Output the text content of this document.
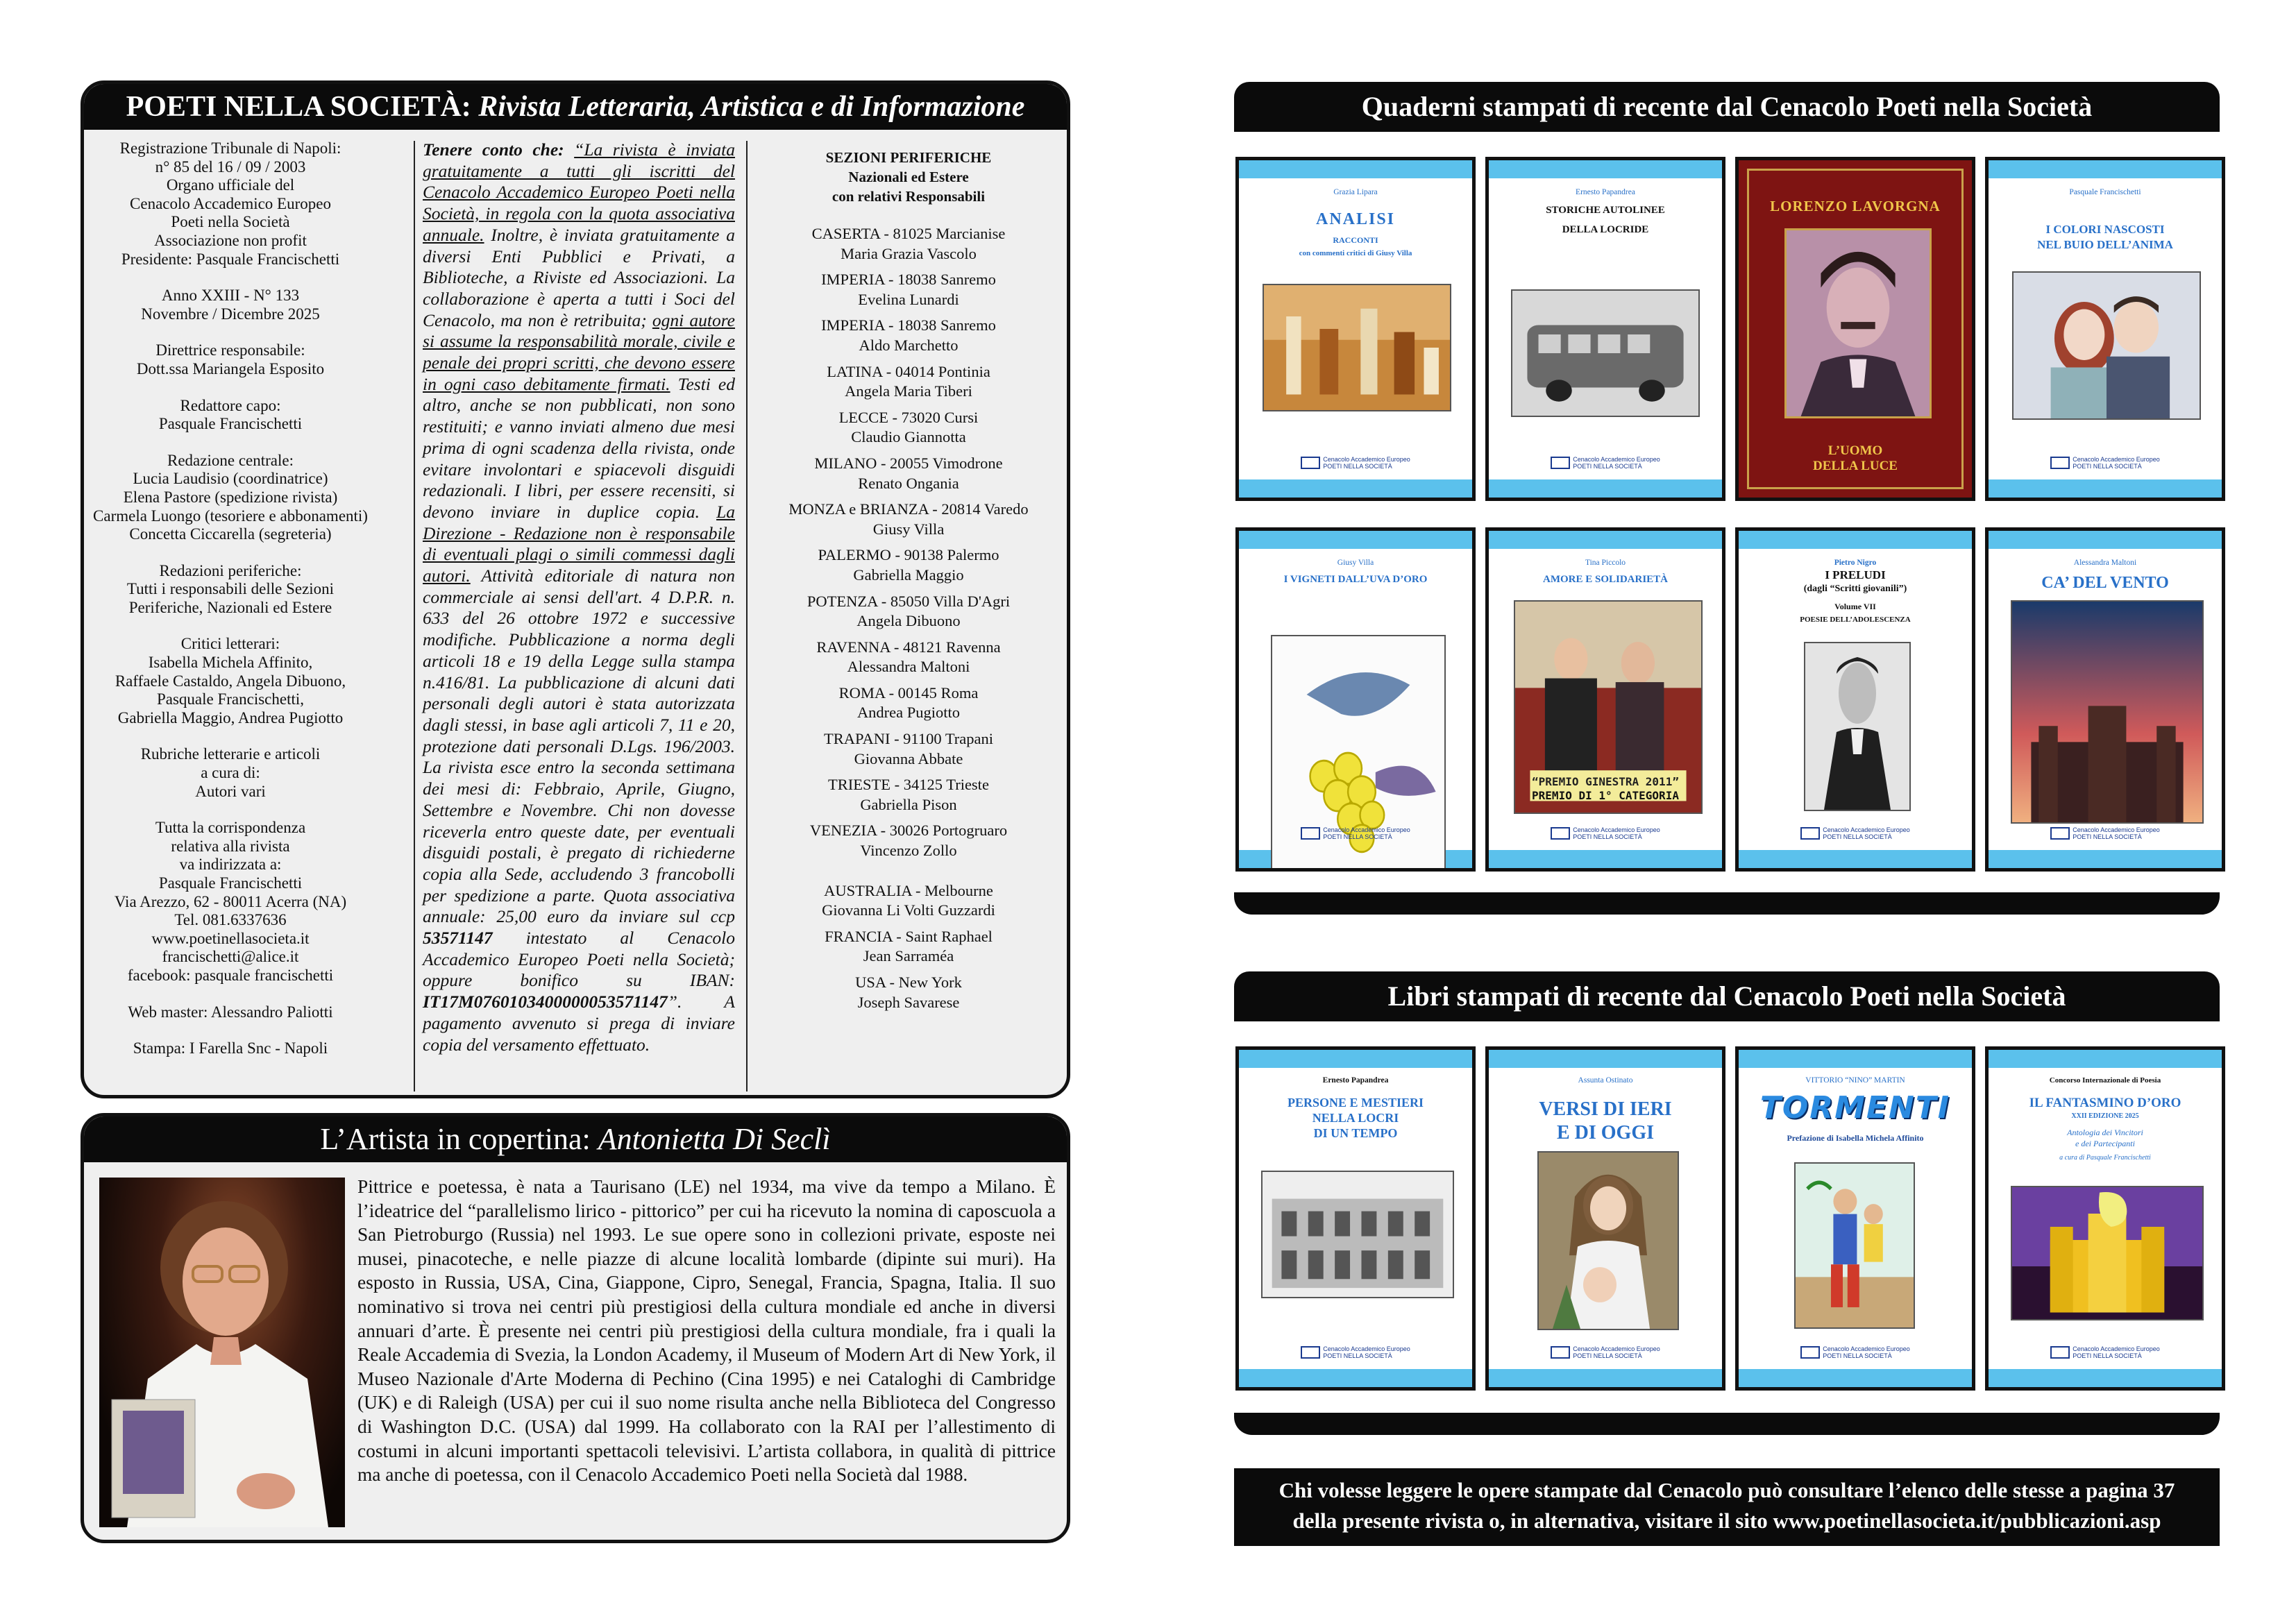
POETI NELLA SOCIETÀ: Rivista Letteraria, Artistica e di Informazione

Registrazione Tribunale di Napoli:
n° 85 del 16 / 09 / 2003
Organo ufficiale del
Cenacolo Accademico Europeo
Poeti nella Società
Associazione non profit
Presidente: Pasquale Francischetti

Anno XXIII - N° 133
Novembre / Dicembre 2025

Direttrice responsabile:
Dott.ssa Mariangela Esposito

Redattore capo:
Pasquale Francischetti

Redazione centrale:
Lucia Laudisio (coordinatrice)
Elena Pastore (spedizione rivista)
Carmela Luongo (tesoriere e abbonamenti)
Concetta Ciccarella (segreteria)

Redazioni periferiche:
Tutti i responsabili delle Sezioni
Periferiche, Nazionali ed Estere

Critici letterari:
Isabella Michela Affinito,
Raffaele Castaldo, Angela Dibuono,
Pasquale Francischetti,
Gabriella Maggio, Andrea Pugiotto

Rubriche letterarie e articoli
a cura di:
Autori vari

Tutta la corrispondenza
relativa alla rivista
va indirizzata a:
Pasquale Francischetti
Via Arezzo, 62 - 80011 Acerra (NA)
Tel. 081.6337636
www.poetinellasocieta.it
francischetti@alice.it
facebook: pasquale francischetti

Web master: Alessandro Paliotti

Stampa: I Farella Snc - Napoli

Tenere conto che: “La rivista è inviata gratuitamente a tutti gli iscritti del Cenacolo Accademico Europeo Poeti nella Società, in regola con la quota associativa annuale. Inoltre, è inviata gratuitamente a diversi Enti Pubblici e Privati, a Biblioteche, a Riviste ed Associazioni. La collaborazione è aperta a tutti i Soci del Cenacolo, ma non è retribuita; ogni autore si assume la responsabilità morale, civile e penale dei propri scritti, che devono essere in ogni caso debitamente firmati. Testi ed altro, anche se non pubblicati, non sono restituiti; e vanno inviati almeno due mesi prima di ogni scadenza della rivista, onde evitare involontari e spiacevoli disguidi redazionali. I libri, per essere recensiti, si devono inviare in duplice copia. La Direzione - Redazione non è responsabile di eventuali plagi o simili commessi dagli autori. Attività editoriale di natura non commerciale ai sensi dell'art. 4 D.P.R. n. 633 del 26 ottobre 1972 e successive modifiche. Pubblicazione a norma degli articoli 18 e 19 della Legge sulla stampa n.416/81. La pubblicazione di alcuni dati personali degli autori è stata autorizzata dagli stessi, in base agli articoli 7, 11 e 20, protezione dati personali D.Lgs. 196/2003. La rivista esce entro la seconda settimana dei mesi di: Febbraio, Aprile, Giugno, Settembre e Novembre. Chi non dovesse riceverla entro queste date, per eventuali disguidi postali, è pregato di richiederne copia alla Sede, accludendo 3 francobolli per spedizione a parte. Quota associativa annuale: 25,00 euro da inviare sul ccp 53571147 intestato al Cenacolo Accademico Europeo Poeti nella Società; oppure bonifico su IBAN: IT17M0760103400000053571147”. A pagamento avvenuto si prega di inviare copia del versamento effettuato.
SEZIONI PERIFERICHE
Nazionali ed Estere
con relativi Responsabili
CASERTA - 81025 Marcianise
Maria Grazia Vascolo
IMPERIA - 18038 Sanremo
Evelina Lunardi
IMPERIA - 18038 Sanremo
Aldo Marchetto
LATINA - 04014 Pontinia
Angela Maria Tiberi
LECCE - 73020 Cursi
Claudio Giannotta
MILANO - 20055 Vimodrone
Renato Ongania
MONZA e BRIANZA - 20814 Varedo
Giusy Villa
PALERMO - 90138 Palermo
Gabriella Maggio
POTENZA - 85050 Villa D'Agri
Angela Dibuono
RAVENNA - 48121 Ravenna
Alessandra Maltoni
ROMA - 00145 Roma
Andrea Pugiotto
TRAPANI - 91100 Trapani
Giovanna Abbate
TRIESTE - 34125 Trieste
Gabriella Pison
VENEZIA - 30026 Portogruaro
Vincenzo Zollo
AUSTRALIA - Melbourne
Giovanna Li Volti Guzzardi
FRANCIA - Saint Raphael
Jean Sarraméa
USA - New York
Joseph Savarese
L’Artista in copertina: Antonietta Di Seclì
Pittrice e poetessa, è nata a Taurisano (LE) nel 1934, ma vive da tempo a Milano. È l’ideatrice del “parallelismo lirico - pittorico” per cui ha ricevuto la nomina di caposcuola a San Pietroburgo (Russia) nel 1993. Le sue opere sono in collezioni private, esposte nei musei, pinacoteche, e nelle piazze di alcune località lombarde (dipinte sui muri). Ha esposto in Russia, USA, Cina, Giappone, Cipro, Senegal, Francia, Spagna, Italia. Il suo nominativo si trova nei centri più prestigiosi della cultura mondiale ed anche in diversi annuari d’arte. È presente nei centri più prestigiosi della cultura mondiale, fra i quali la Reale Accademia di Svezia, la London Academy, il Museum of Modern Art di New York, il Museo Nazionale d'Arte Moderna di Pechino (Cina 1995) e nei Cataloghi di Cambridge (UK) e di Raleigh (USA) per cui il suo nome risulta anche nella Biblioteca del Congresso di Washington D.C. (USA) dal 1999. Ha collaborato con la RAI per l’allestimento di costumi in alcuni importanti spettacoli televisivi. L’artista collabora, in qualità di pittrice ma anche di poetessa, con il Cenacolo Accademico Poeti nella Società dal 1988.
Quaderni stampati di recente dal Cenacolo Poeti nella Società
Grazia Lipara
ANALISI
RACCONTI
con commenti critici di Giusy Villa
Cenacolo Accademico Europeo
POETI NELLA SOCIETÀ
Ernesto Papandrea
STORICHE AUTOLINEE
DELLA LOCRIDE
Cenacolo Accademico Europeo
POETI NELLA SOCIETÀ
LORENZO LAVORGNA
L’UOMO
DELLA LUCE
Pasquale Francischetti
I COLORI NASCOSTI
NEL BUIO DELL’ANIMA
Cenacolo Accademico Europeo
POETI NELLA SOCIETÀ
Giusy Villa
I VIGNETI DALL’UVA D’ORO
Cenacolo Accademico Europeo
POETI NELLA SOCIETÀ
Tina Piccolo
AMORE E SOLIDARIETÀ
“PREMIO GINESTRA 2011”
PREMIO DI 1° CATEGORIA
Cenacolo Accademico Europeo
POETI NELLA SOCIETÀ
Pietro Nigro
I PRELUDI
(dagli “Scritti giovanili”)
Volume VII
POESIE DELL’ADOLESCENZA
Cenacolo Accademico Europeo
POETI NELLA SOCIETÀ
Alessandra Maltoni
CA’ DEL VENTO
Cenacolo Accademico Europeo
POETI NELLA SOCIETÀ
Libri stampati di recente dal Cenacolo Poeti nella Società
Ernesto Papandrea
PERSONE E MESTIERI
NELLA LOCRI
DI UN TEMPO
Cenacolo Accademico Europeo
POETI NELLA SOCIETÀ
Assunta Ostinato
VERSI DI IERI
E DI OGGI
Cenacolo Accademico Europeo
POETI NELLA SOCIETÀ
VITTORIO “NINO” MARTIN
TORMENTI
Prefazione di Isabella Michela Affinito
Cenacolo Accademico Europeo
POETI NELLA SOCIETÀ
Concorso Internazionale di Poesia
IL FANTASMINO D’ORO
XXII EDIZIONE 2025
Antologia dei Vincitori
e dei Partecipanti
a cura di Pasquale Francischetti
Cenacolo Accademico Europeo
POETI NELLA SOCIETÀ
Chi volesse leggere le opere stampate dal Cenacolo può consultare l’elenco delle stesse a pagina 37
della presente rivista o, in alternativa, visitare il sito www.poetinellasocieta.it/pubblicazioni.asp
